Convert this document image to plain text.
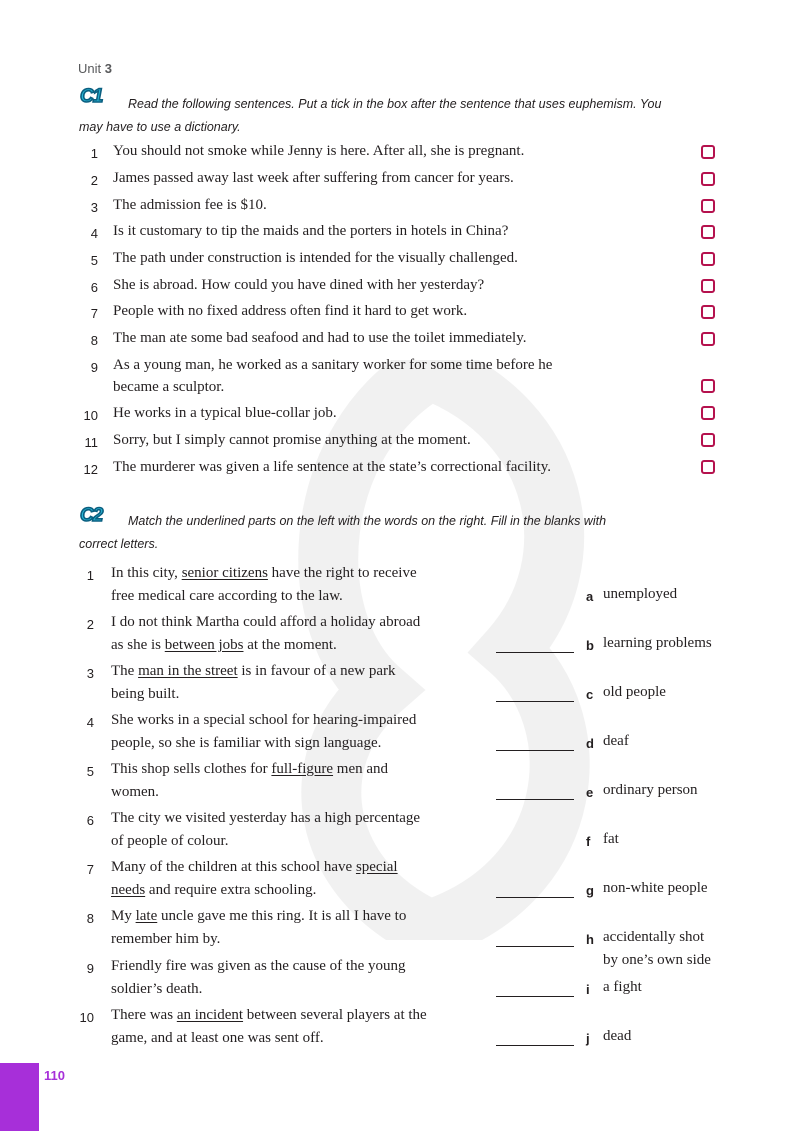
Unit 3
C1 Read the following sentences. Put a tick in the box after the sentence that uses euphemism. You
may have to use a dictionary.
1 You should not smoke while Jenny is here. After all, she is pregnant.
2 James passed away last week after suffering from cancer for years.
3 The admission fee is $10.
4 Is it customary to tip the maids and the porters in hotels in China?
5 The path under construction is intended for the visually challenged.
6 She is abroad. How could you have dined with her yesterday?
7 People with no fixed address often find it hard to get work.
8 The man ate some bad seafood and had to use the toilet immediately.
9 As a young man, he worked as a sanitary worker for some time before he
became a sculptor.
10 He works in a typical blue-collar job.
11 Sorry, but I simply cannot promise anything at the moment.
12 The murderer was given a life sentence at the state’s correctional facility.
C2 Match the underlined parts on the left with the words on the right. Fill in the blanks with
correct letters.
1 In this city, senior citizens have the right to receive
free medical care according to the law.
2 I do not think Martha could afford a holiday abroad
as she is between jobs at the moment.
3 The man in the street is in favour of a new park
being built.
4 She works in a special school for hearing-impaired
people, so she is familiar with sign language.
5 This shop sells clothes for full-figure men and
women.
6 The city we visited yesterday has a high percentage
of people of colour.
7 Many of the children at this school have special
needs and require extra schooling.
8 My late uncle gave me this ring. It is all I have to
remember him by.
9 Friendly fire was given as the cause of the young
soldier’s death.
10 There was an incident between several players at the
game, and at least one was sent off.
a unemployed
b learning problems
c old people
d deaf
e ordinary person
f fat
g non-white people
h accidentally shot
by one’s own side
i a fight
j dead
110
